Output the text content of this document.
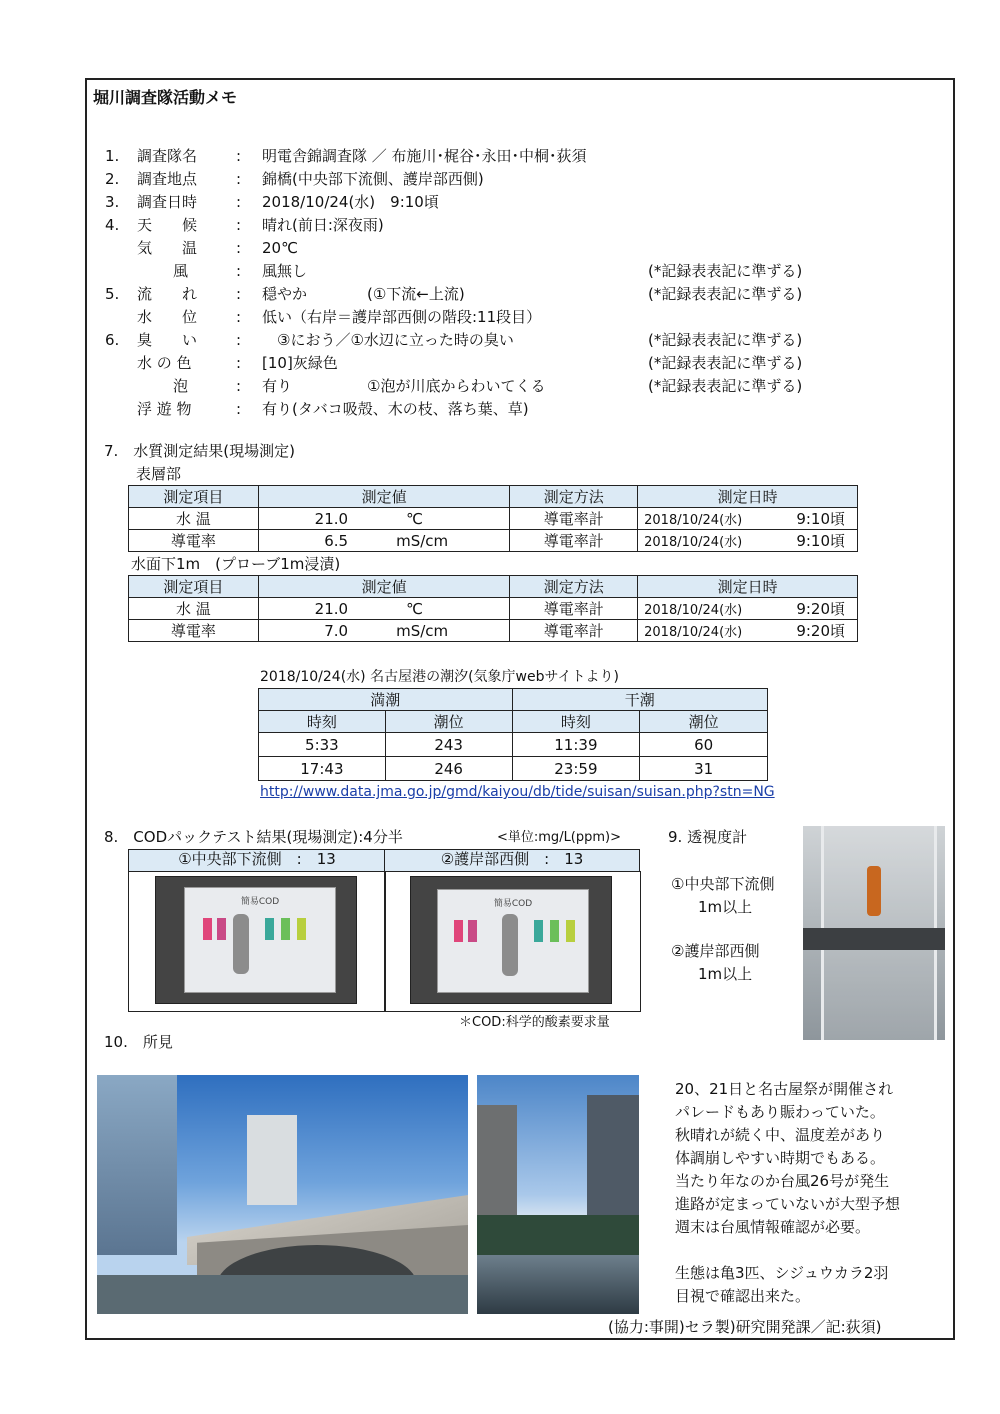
堀川調査隊活動メモ
1. 調査隊名	: 明電舎錦調査隊 ／ 布施川･梶谷･永田･中桐･荻須
2. 調査地点	: 錦橋(中央部下流側、護岸部西側)
3. 調査日時	: 2018/10/24(水)　9:10頃
4. 天　　候	: 晴れ(前日:深夜雨)
気　　温	: 20℃
風	: 風無し	(*記録表表記に準ずる)
5. 流　　れ	: 穏やか　　　　(①下流←上流)	(*記録表表記に準ずる)
水　　位	: 低い（右岸＝護岸部西側の階段:11段目）
6. 臭　　い	: 　③におう／①水辺に立った時の臭い	(*記録表表記に準ずる)
水 の 色	: [10]灰緑色	(*記録表表記に準ずる)
泡	: 有り　　　　　①泡が川底からわいてくる	(*記録表表記に準ずる)
浮 遊 物	: 有り(タバコ吸殻、木の枝、落ち葉、草)
7.　水質測定結果(現場測定)
表層部
測定項目	測定値		測定方法	測定日時	
水 温	21.0	℃	導電率計	2018/10/24(水)	9:10頃
導電率	6.5	mS/cm	導電率計	2018/10/24(水)	9:10頃
水面下1m　(プローブ1m浸漬)
測定項目	測定値		測定方法	測定日時	
水 温	21.0	℃	導電率計	2018/10/24(水)	9:20頃
導電率	7.0	mS/cm	導電率計	2018/10/24(水)	9:20頃
2018/10/24(水) 名古屋港の潮汐(気象庁webサイトより)
満潮		干潮	
時刻	潮位	時刻	潮位
5:33	243	11:39	60
17:43	246	23:59	31
http://www.data.jma.go.jp/gmd/kaiyou/db/tide/suisan/suisan.php?stn=NG
8.　CODパックテスト結果(現場測定):4分半	<単位:mg/L(ppm)>
①中央部下流側　:　13	②護岸部西側　:　13
簡易COD	簡易COD
＊COD:科学的酸素要求量
9. 透視度計
①中央部下流側
1m以上
②護岸部西側
1m以上
10.　所見
20、21日と名古屋祭が開催され
パレードもあり賑わっていた。
秋晴れが続く中、温度差があり
体調崩しやすい時期でもある。
当たり年なのか台風26号が発生
進路が定まっていないが大型予想
週末は台風情報確認が必要。
生態は亀3匹、シジュウカラ2羽
目視で確認出来た。
(協力:事開)セラ製)研究開発課／記:荻須)
